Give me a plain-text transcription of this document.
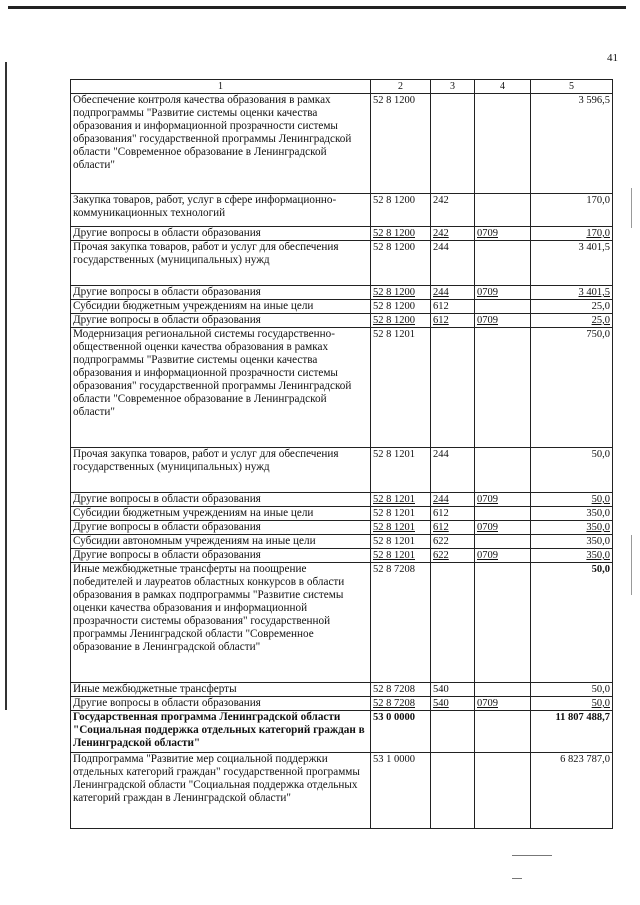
41
1	2	3	4	5
Обеспечение контроля качества образования в рамках подпрограммы "Развитие системы оценки качества образования и информационной прозрачности системы образования" государственной программы Ленинградской области "Современное образование в Ленинградской области"	52 8 1200			3 596,5
Закупка товаров, работ, услуг в сфере информационно-коммуникационных технологий	52 8 1200	242		170,0
Другие вопросы в области образования	52 8 1200	242	0709	170,0
Прочая закупка товаров, работ и услуг для обеспечения государственных (муниципальных) нужд	52 8 1200	244		3 401,5
Другие вопросы в области образования	52 8 1200	244	0709	3 401,5
Субсидии бюджетным учреждениям на иные цели	52 8 1200	612		25,0
Другие вопросы в области образования	52 8 1200	612	0709	25,0
Модернизация региональной системы государственно-общественной оценки качества образования в рамках подпрограммы "Развитие системы оценки качества образования и информационной прозрачности системы образования" государственной программы Ленинградской области "Современное образование в Ленинградской области"	52 8 1201			750,0
Прочая закупка товаров, работ и услуг для обеспечения государственных (муниципальных) нужд	52 8 1201	244		50,0
Другие вопросы в области образования	52 8 1201	244	0709	50,0
Субсидии бюджетным учреждениям на иные цели	52 8 1201	612		350,0
Другие вопросы в области образования	52 8 1201	612	0709	350,0
Субсидии автономным учреждениям на иные цели	52 8 1201	622		350,0
Другие вопросы в области образования	52 8 1201	622	0709	350,0
Иные межбюджетные трансферты на поощрение победителей и лауреатов областных конкурсов в области образования в рамках подпрограммы "Развитие системы оценки качества образования и информационной прозрачности системы образования" государственной программы Ленинградской области "Современное образование в Ленинградской области"	52 8 7208			50,0
Иные межбюджетные трансферты	52 8 7208	540		50,0
Другие вопросы в области образования	52 8 7208	540	0709	50,0
Государственная программа Ленинградской области "Социальная поддержка отдельных категорий граждан в Ленинградской области"	53 0 0000			11 807 488,7
Подпрограмма "Развитие мер социальной поддержки отдельных категорий граждан" государственной программы Ленинградской области "Социальная поддержка отдельных категорий граждан в Ленинградской области"	53 1 0000			6 823 787,0
